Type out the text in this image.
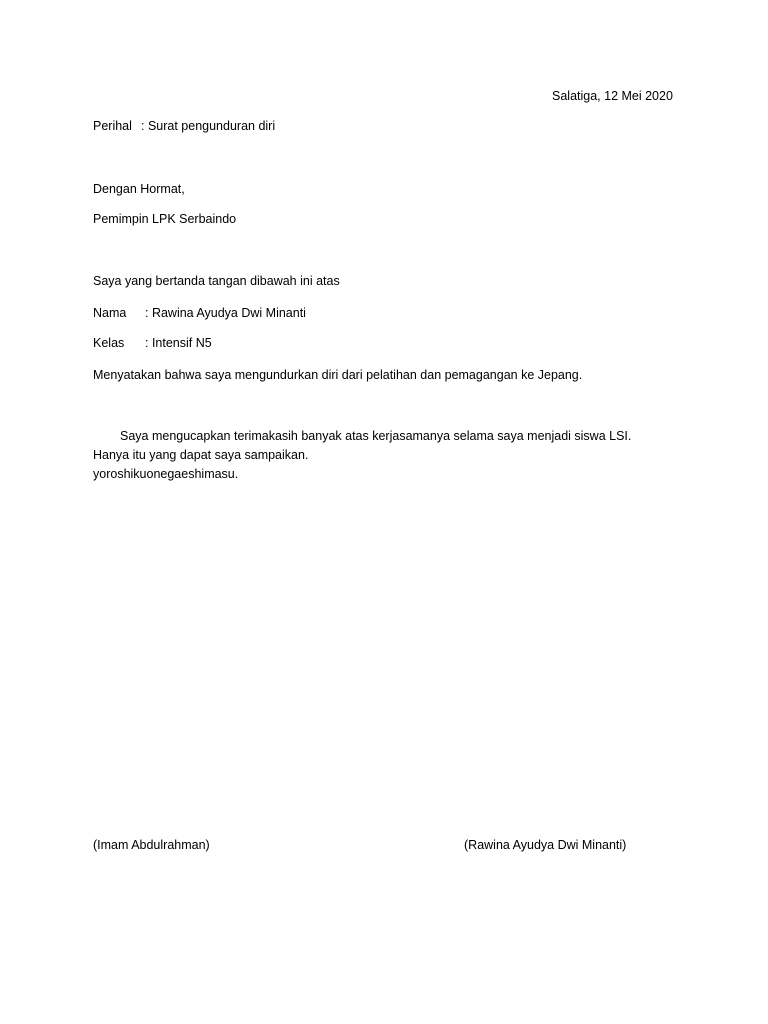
Salatiga, 12 Mei 2020
Perihal : Surat pengunduran diri
Dengan Hormat,
Pemimpin LPK Serbaindo
Saya yang bertanda tangan dibawah ini atas
Nama : Rawina Ayudya Dwi Minanti
Kelas : Intensif N5
Menyatakan bahwa saya mengundurkan diri dari pelatihan dan pemagangan ke Jepang.
Saya mengucapkan terimakasih banyak atas kerjasamanya selama saya menjadi siswa LSI.
Hanya itu yang dapat saya sampaikan.
yoroshikuonegaeshimasu.
(Imam Abdulrahman)	(Rawina Ayudya Dwi Minanti)
